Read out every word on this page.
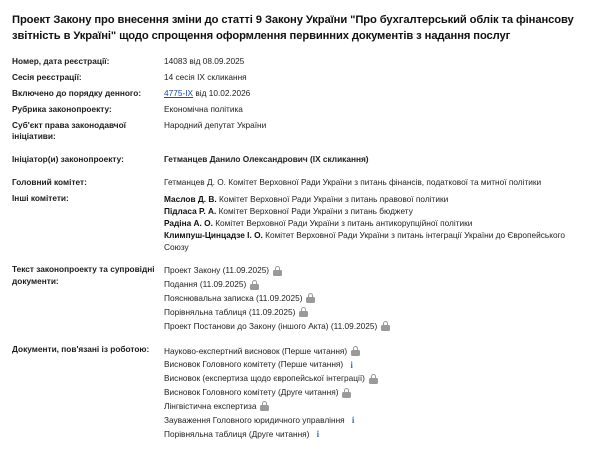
Проект Закону про внесення зміни до статті 9 Закону України "Про бухгалтерський облік та фінансову звітність в Україні" щодо спрощення оформлення первинних документів з надання послуг
Номер, дата реєстрації:	14083 від 08.09.2025
Сесія реєстрації:	14 сесія IX скликання
Включено до порядку денного:	4775-IX від 10.02.2026
Рубрика законопроекту:	Економічна політика
Суб'єкт права законодавчої ініціативи:	Народний депутат України

Ініціатор(и) законопроекту:	Гетманцев Данило Олександрович (IX скликання)

Головний комітет:	Гетманцев Д. О. Комітет Верховної Ради України з питань фінансів, податкової та митної політики
Інші комітети:	Маслов Д. В. Комітет Верховної Ради України з питань правової політики
Підласа Р. А. Комітет Верховної Ради України з питань бюджету
Радіна А. О. Комітет Верховної Ради України з питань антикорупційної політики
Климпуш-Цинцадзе І. О. Комітет Верховної Ради України з питань інтеграції України до Європейського Союзу

Текст законопроекту та супровідні документи:	Проект Закону (11.09.2025)
Подання (11.09.2025)
Пояснювальна записка (11.09.2025)
Порівняльна таблиця (11.09.2025)
Проект Постанови до Закону (іншого Акта) (11.09.2025)

Документи, пов'язані із роботою:	Науково-експертний висновок (Перше читання)
Висновок Головного комітету (Перше читання) i
Висновок (експертиза щодо європейської інтеграції)
Висновок Головного комітету (Друге читання)
Лінгвістична експертиза
Зауваження Головного юридичного управління i
Порівняльна таблиця (Друге читання) i
